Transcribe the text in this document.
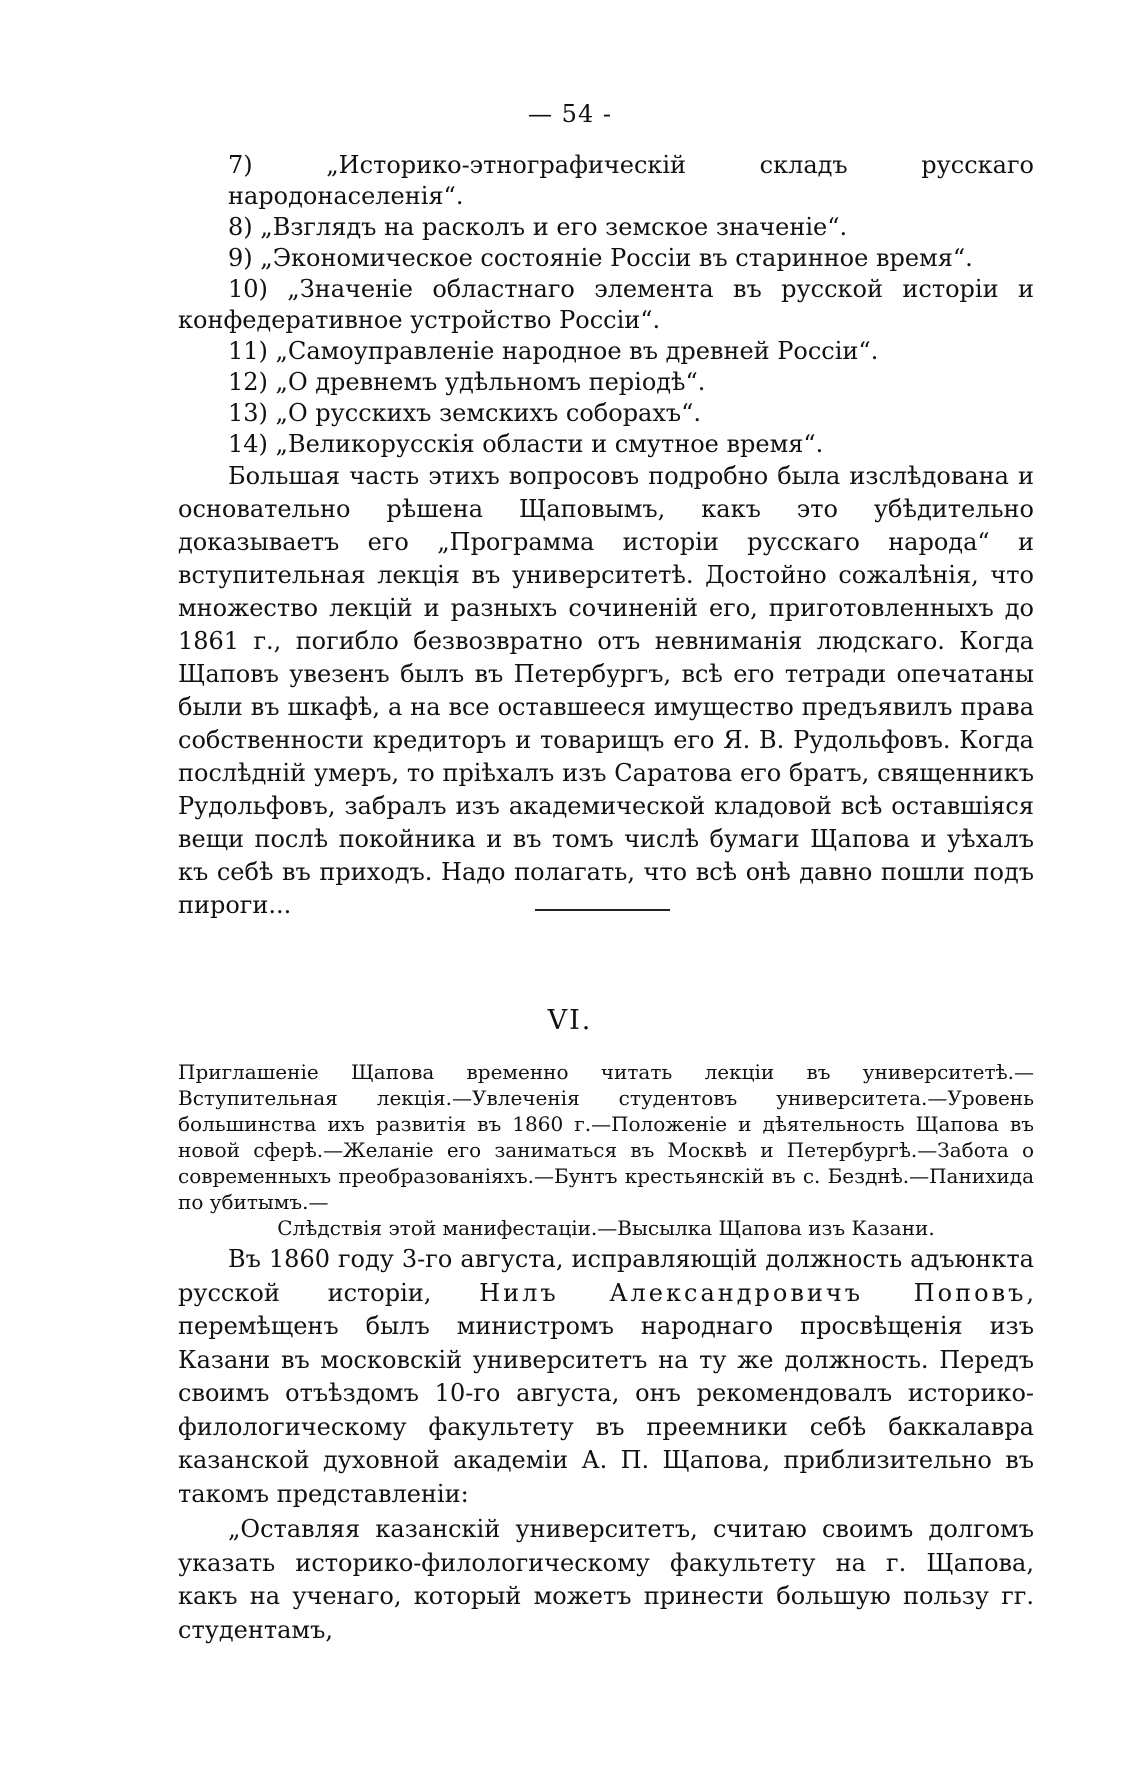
— 54 -

7) „Историко-этнографическій складъ русскаго народонаселенія“.

8) „Взглядъ на расколъ и его земское значеніе“.

9) „Экономическое состояніе Россіи въ старинное время“.

10) „Значеніе областнаго элемента въ русской исторіи и конфедеративное устройство Россіи“.

11) „Самоуправленіе народное въ древней Россіи“.

12) „О древнемъ удѣльномъ періодѣ“.

13) „О русскихъ земскихъ соборахъ“.

14) „Великорусскія области и смутное время“.

Большая часть этихъ вопросовъ подробно была изслѣдована и основательно рѣшена Щаповымъ, какъ это убѣдительно доказываетъ его „Программа исторіи русскаго народа“ и вступительная лекція въ университетѣ. Достойно сожалѣнія, что множество лекцій и разныхъ сочиненій его, приготовленныхъ до 1861 г., погибло безвозвратно отъ невниманія людскаго. Когда Щаповъ увезенъ былъ въ Петербургъ, всѣ его тетради опечатаны были въ шкафѣ, а на все оставшееся имущество предъявилъ права собственности кредиторъ и товарищъ его Я. В. Рудольфовъ. Когда послѣдній умеръ, то пріѣхалъ изъ Саратова его братъ, священникъ Рудольфовъ, забралъ изъ академической кладовой всѣ оставшіяся вещи послѣ покойника и въ томъ числѣ бумаги Щапова и уѣхалъ къ себѣ въ приходъ. Надо полагать, что всѣ онѣ давно пошли подъ пироги...

VI.

Приглашеніе Щапова временно читать лекціи въ университетѣ.—Вступительная лекція.—Увлеченія студентовъ университета.—Уровень большинства ихъ развитія въ 1860 г.—Положеніе и дѣятельность Щапова въ новой сферѣ.—Желаніе его заниматься въ Москвѣ и Петербургѣ.—Забота о современныхъ преобразованіяхъ.—Бунтъ крестьянскій въ с. Безднѣ.—Панихида по убитымъ.—

Слѣдствія этой манифестаціи.—Высылка Щапова изъ Казани.

Въ 1860 году 3-го августа, исправляющій должность адъюнкта русской исторіи, Нилъ Александровичъ Поповъ, перемѣщенъ былъ министромъ народнаго просвѣщенія изъ Казани въ московскій университетъ на ту же должность. Передъ своимъ отъѣздомъ 10-го августа, онъ рекомендовалъ историко-филологическому факультету въ преемники себѣ баккалавра казанской духовной академіи А. П. Щапова, приблизительно въ такомъ представленіи:

„Оставляя казанскій университетъ, считаю своимъ долгомъ указать историко-филологическому факультету на г. Щапова, какъ на ученаго, который можетъ принести большую пользу гг. студентамъ,
